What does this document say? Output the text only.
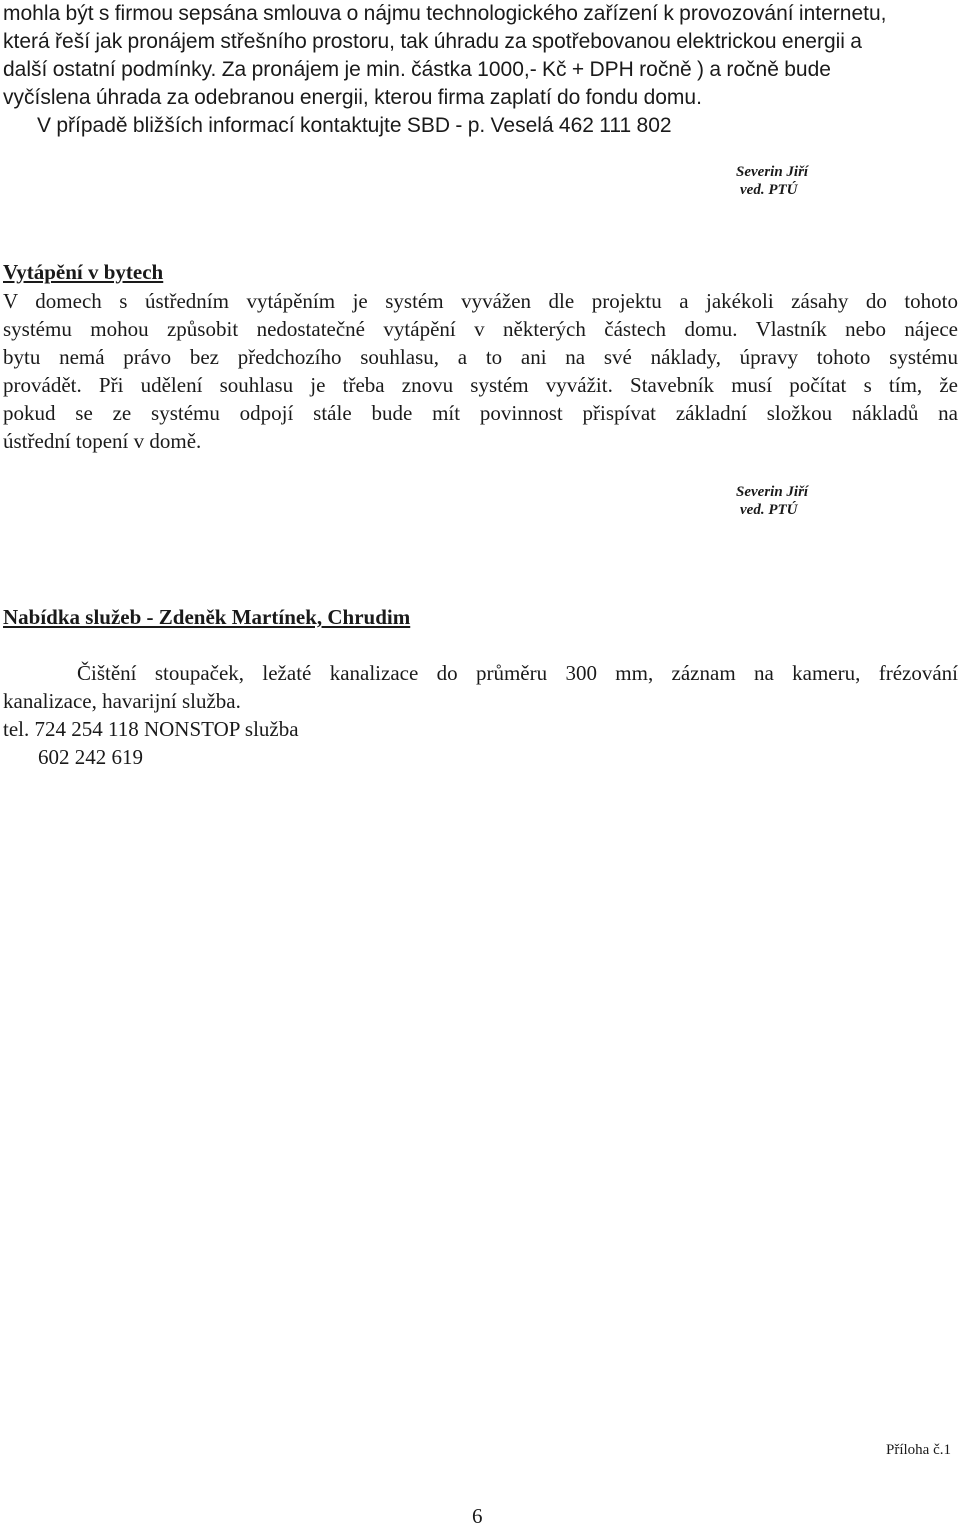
mohla být s firmou sepsána smlouva o nájmu technologického zařízení k provozování internetu,
která řeší jak pronájem střešního prostoru, tak úhradu za spotřebovanou elektrickou energii a
další ostatní podmínky. Za pronájem je min. částka 1000,- Kč + DPH ročně ) a ročně bude
vyčíslena úhrada za odebranou energii, kterou firma zaplatí do fondu domu.
V případě bližších informací kontaktujte SBD - p. Veselá 462 111 802
Severin Jiří
ved. PTÚ
Vytápění v bytech
V domech s ústředním vytápěním je systém vyvážen dle projektu a jakékoli zásahy do tohoto
systému mohou způsobit nedostatečné vytápění v některých částech domu. Vlastník nebo nájece
bytu nemá právo bez předchozího souhlasu, a to ani na své náklady, úpravy tohoto systému
provádět. Při udělení souhlasu je třeba znovu systém vyvážit. Stavebník musí počítat s tím, že
pokud se ze systému odpojí stále bude mít povinnost přispívat základní složkou nákladů na
ústřední topení v domě.
Severin Jiří
ved. PTÚ
Nabídka služeb - Zdeněk Martínek, Chrudim
Čištění stoupaček, ležaté kanalizace do průměru 300 mm, záznam na kameru, frézování
kanalizace, havarijní služba.
tel. 724 254 118 NONSTOP služba
602 242 619
Příloha č.1
6
